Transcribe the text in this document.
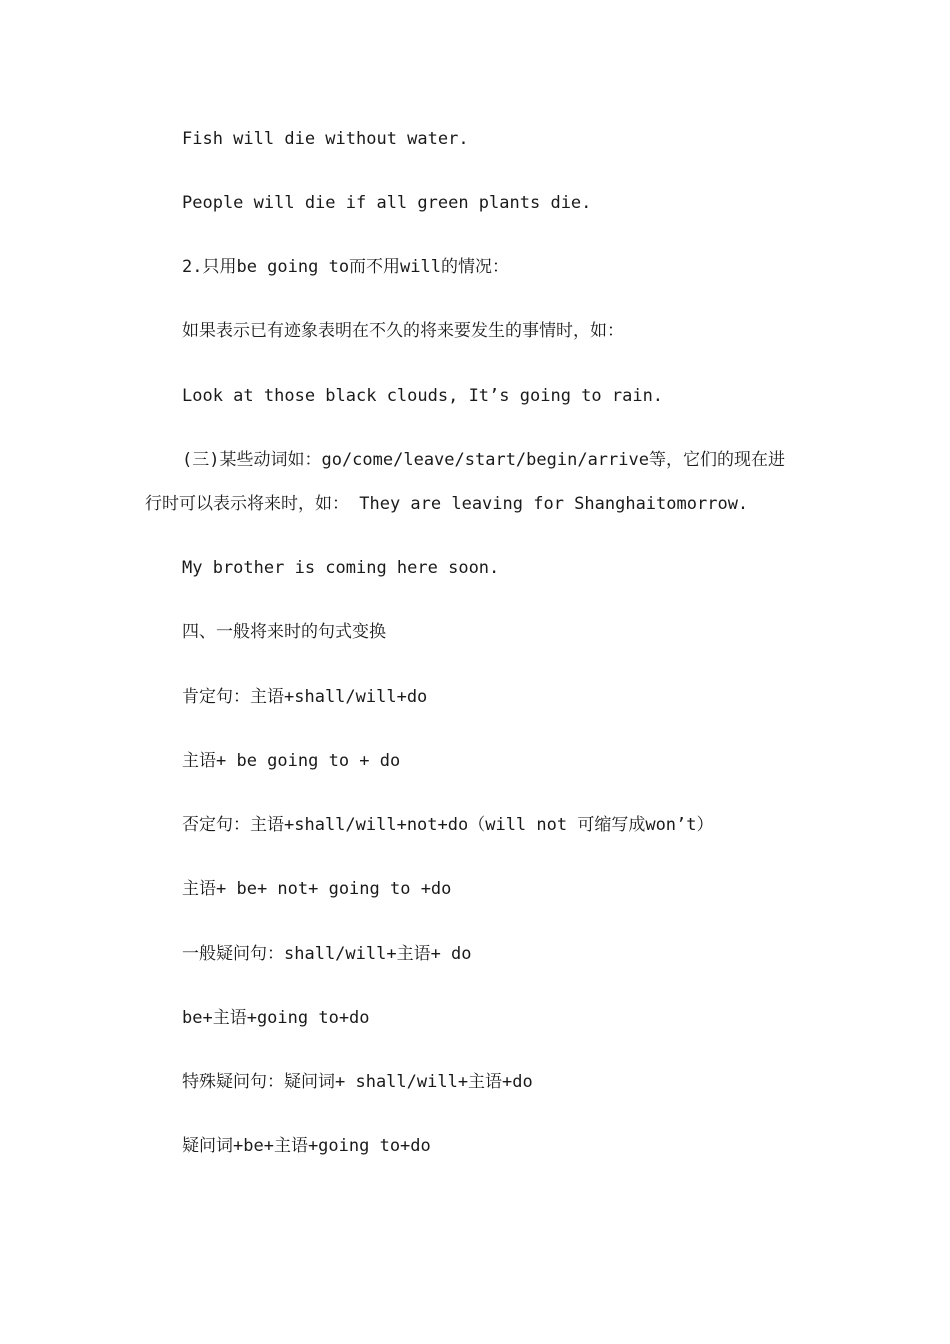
Fish will die without water.

People will die if all green plants die.

2.只用be going to而不用will的情况：

如果表示已有迹象表明在不久的将来要发生的事情时，如：

Look at those black clouds, It’s going to rain.

(三)某些动词如：go/come/leave/start/begin/arrive等，它们的现在进

行时可以表示将来时，如： They are leaving for Shanghaitomorrow.

My brother is coming here soon.

四、一般将来时的句式变换

肯定句：主语+shall/will+do

主语+ be going to + do

否定句：主语+shall/will+not+do（will not 可缩写成won’t）

主语+ be+ not+ going to +do

一般疑问句：shall/will+主语+ do

be+主语+going to+do

特殊疑问句：疑问词+ shall/will+主语+do

疑问词+be+主语+going to+do
